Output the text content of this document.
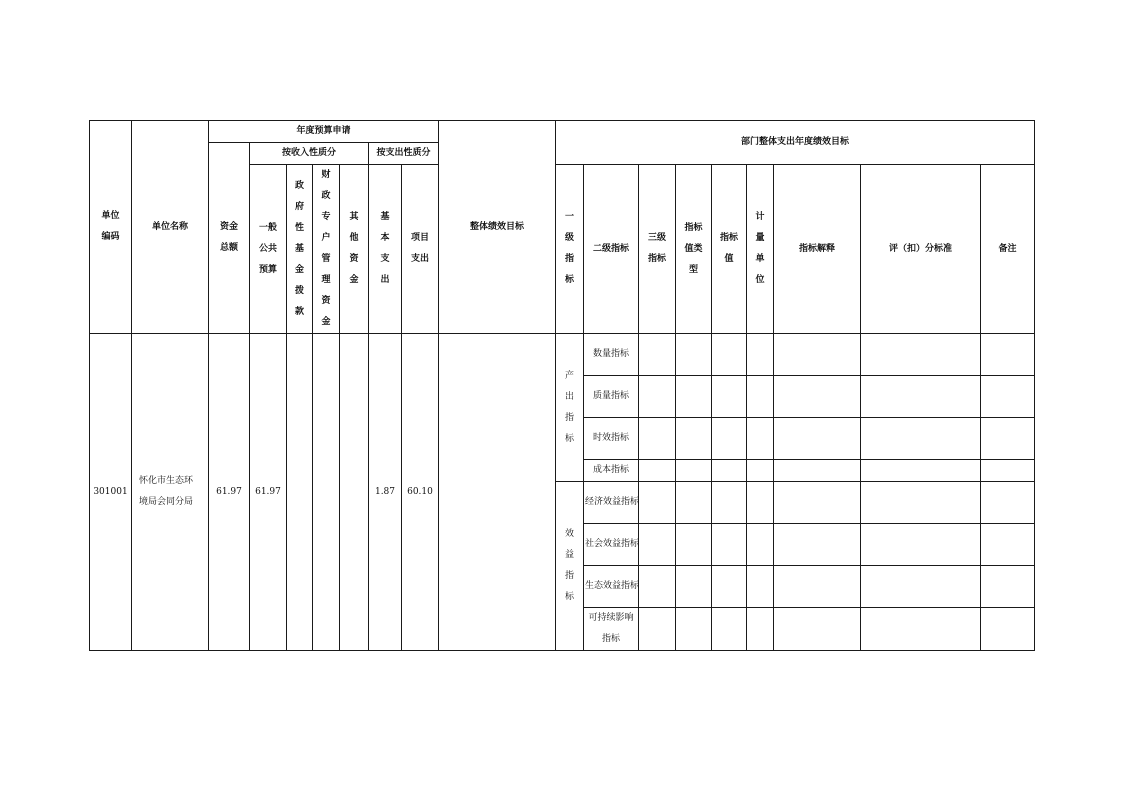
单位编码	单位名称	年度预算申请							整体绩效目标	部门整体支出年度绩效目标								
		资金总额	按收入性质分				按支出性质分											
			一般公共预算	政府性基金拨款	财政专户管理资金	其他资金	基本支出	项目支出		一级指标	二级指标	三级指标	指标值类型	指标值	计量单位	指标解释	评（扣）分标准	备注
301001	怀化市生态环境局会同分局	61.97	61.97				1.87	60.10		产出指标	数量指标							
											质量指标							
											时效指标							
											成本指标							
										效益指标	经济效益指标							
											社会效益指标							
											生态效益指标							
											可持续影响指标							
